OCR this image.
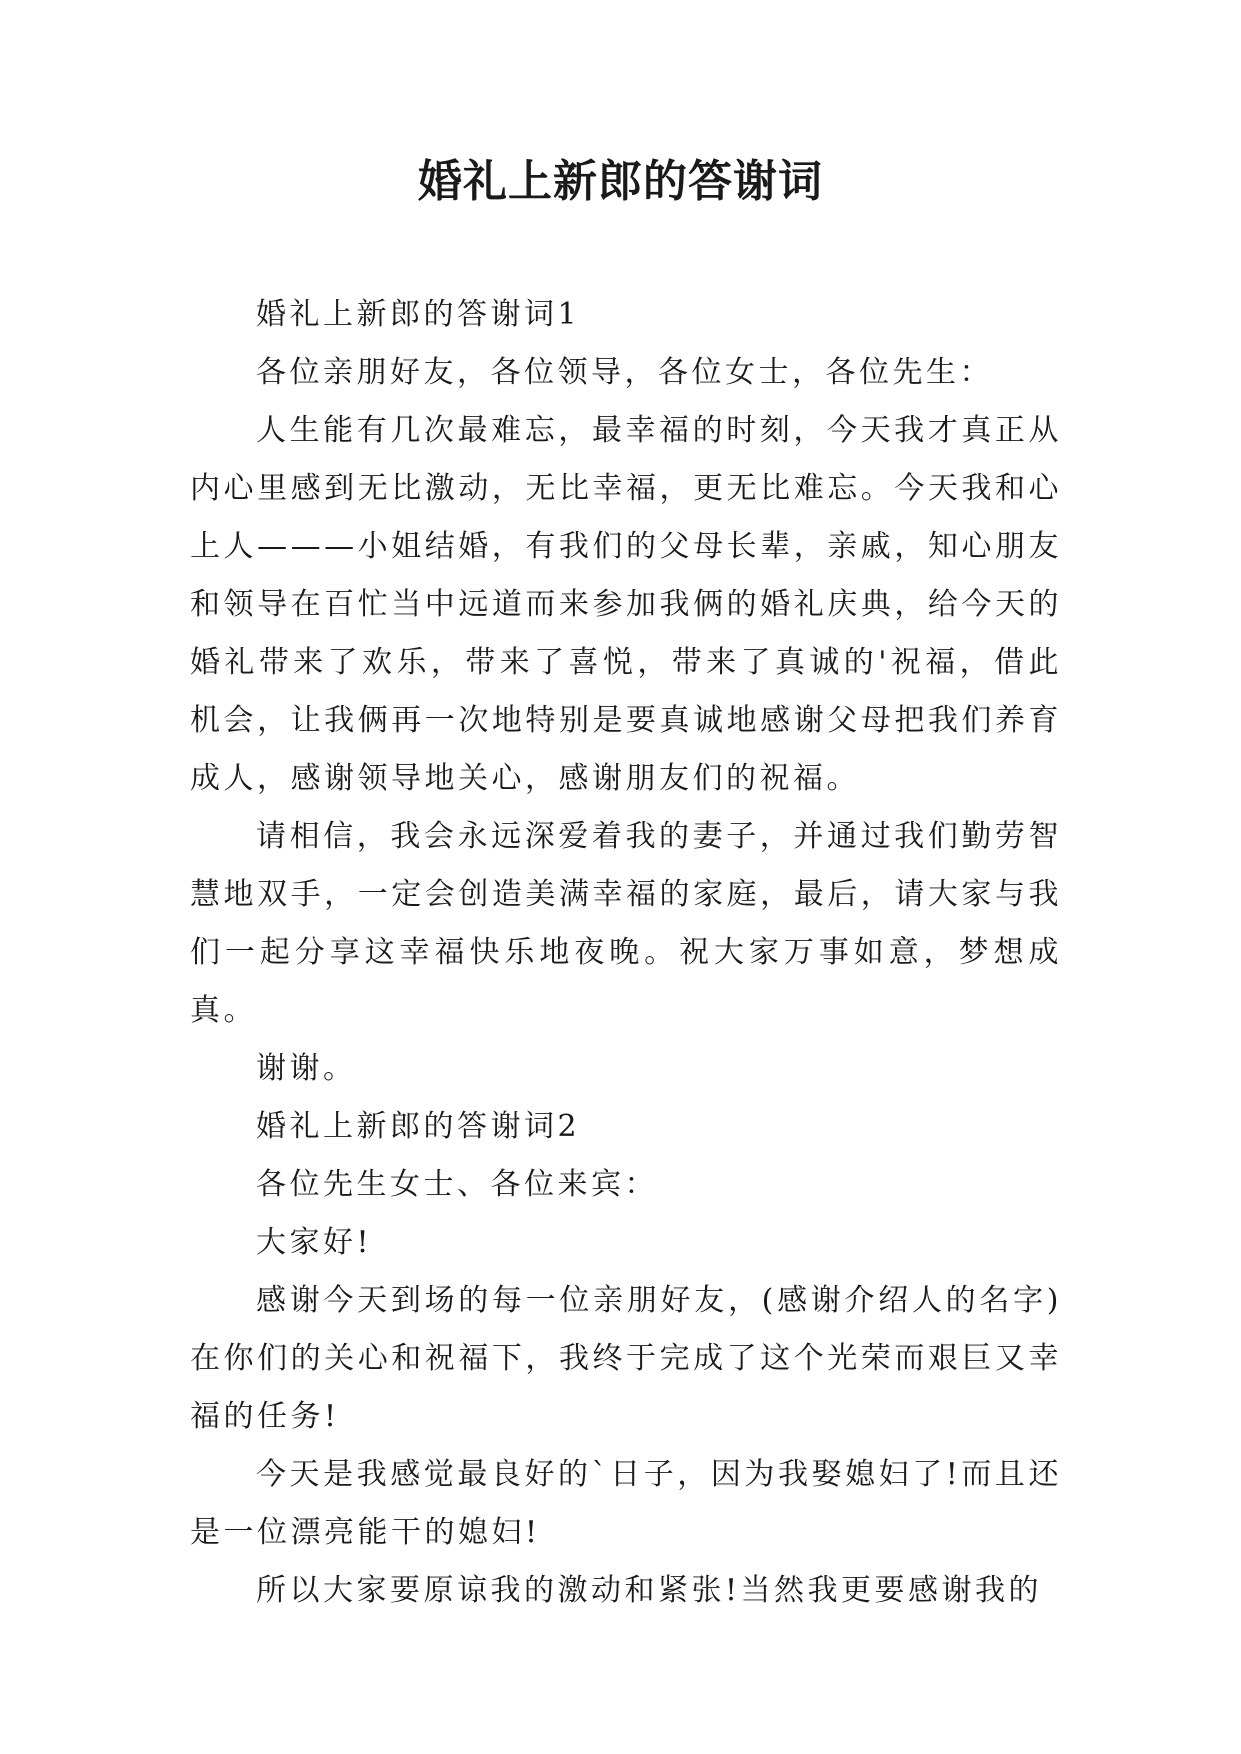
婚礼上新郎的答谢词

婚礼上新郎的答谢词1

各位亲朋好友，各位领导，各位女士，各位先生：

人生能有几次最难忘，最幸福的时刻，今天我才真正从内心里感到无比激动，无比幸福，更无比难忘。今天我和心上人———小姐结婚，有我们的父母长辈，亲戚，知心朋友和领导在百忙当中远道而来参加我俩的婚礼庆典，给今天的婚礼带来了欢乐，带来了喜悦，带来了真诚的'祝福，借此机会，让我俩再一次地特别是要真诚地感谢父母把我们养育成人，感谢领导地关心，感谢朋友们的祝福。

请相信，我会永远深爱着我的妻子，并通过我们勤劳智慧地双手，一定会创造美满幸福的家庭，最后，请大家与我们一起分享这幸福快乐地夜晚。祝大家万事如意，梦想成真。

谢谢。

婚礼上新郎的答谢词2

各位先生女士、各位来宾：

大家好!

感谢今天到场的每一位亲朋好友，(感谢介绍人的名字)在你们的关心和祝福下，我终于完成了这个光荣而艰巨又幸福的任务!

今天是我感觉最良好的`日子，因为我娶媳妇了!而且还是一位漂亮能干的媳妇!

所以大家要原谅我的激动和紧张!当然我更要感谢我的
